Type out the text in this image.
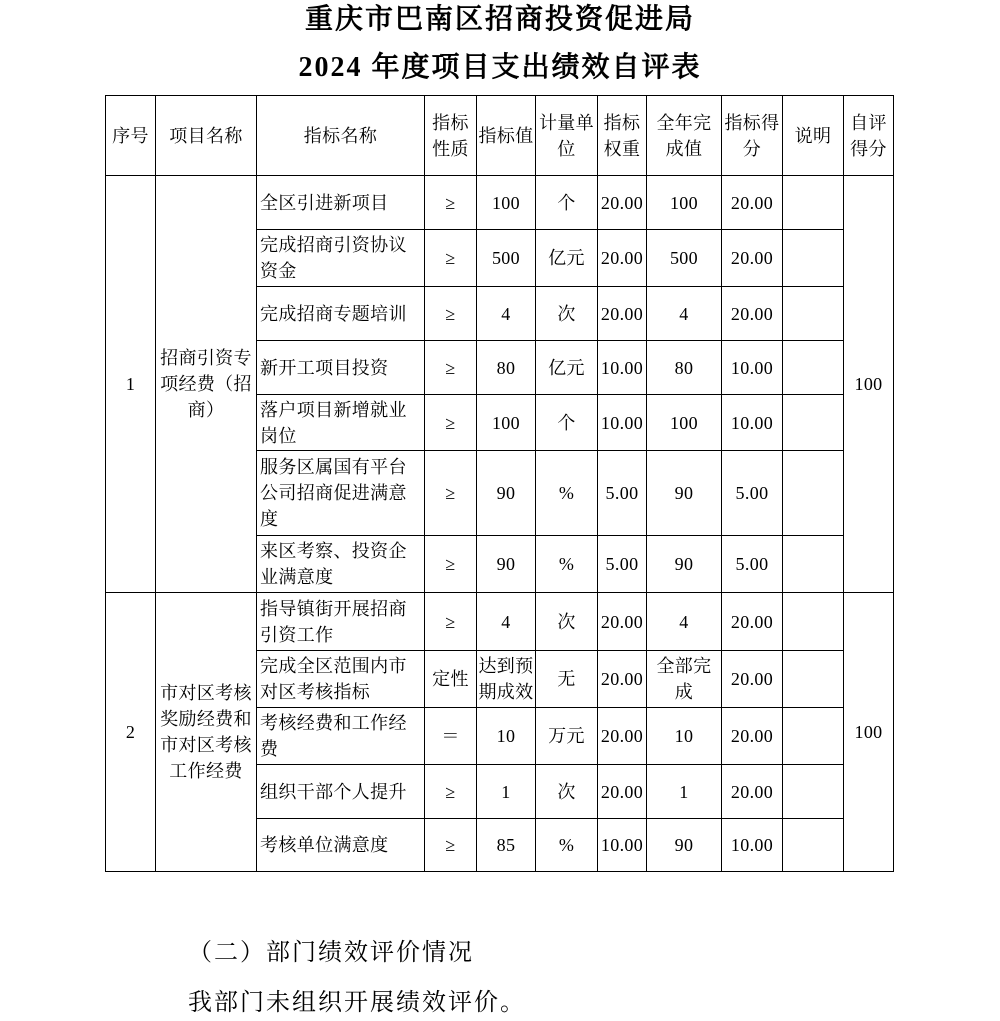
重庆市巴南区招商投资促进局
2024 年度项目支出绩效自评表
序号	项目名称	指标名称	指标性质	指标值	计量单位	指标权重	全年完成值	指标得分	说明	自评得分

1	招商引资专项经费（招商）	全区引进新项目	≥	100	个	20.00	100	20.00		100

		完成招商引资协议资金	≥	500	亿元	20.00	500	20.00		

		完成招商专题培训	≥	4	次	20.00	4	20.00		

		新开工项目投资	≥	80	亿元	10.00	80	10.00		

		落户项目新增就业岗位	≥	100	个	10.00	100	10.00		

		服务区属国有平台公司招商促进满意度	≥	90	%	5.00	90	5.00		

		来区考察、投资企业满意度	≥	90	%	5.00	90	5.00		
2	市对区考核奖励经费和市对区考核工作经费	指导镇街开展招商引资工作	≥	4	次	20.00	4	20.00		100

		完成全区范围内市对区考核指标	定性	达到预期成效	无	20.00	全部完成	20.00		

		考核经费和工作经费	＝	10	万元	20.00	10	20.00		

		组织干部个人提升	≥	1	次	20.00	1	20.00		

		考核单位满意度	≥	85	%	10.00	90	10.00		
（二）部门绩效评价情况
我部门未组织开展绩效评价。
